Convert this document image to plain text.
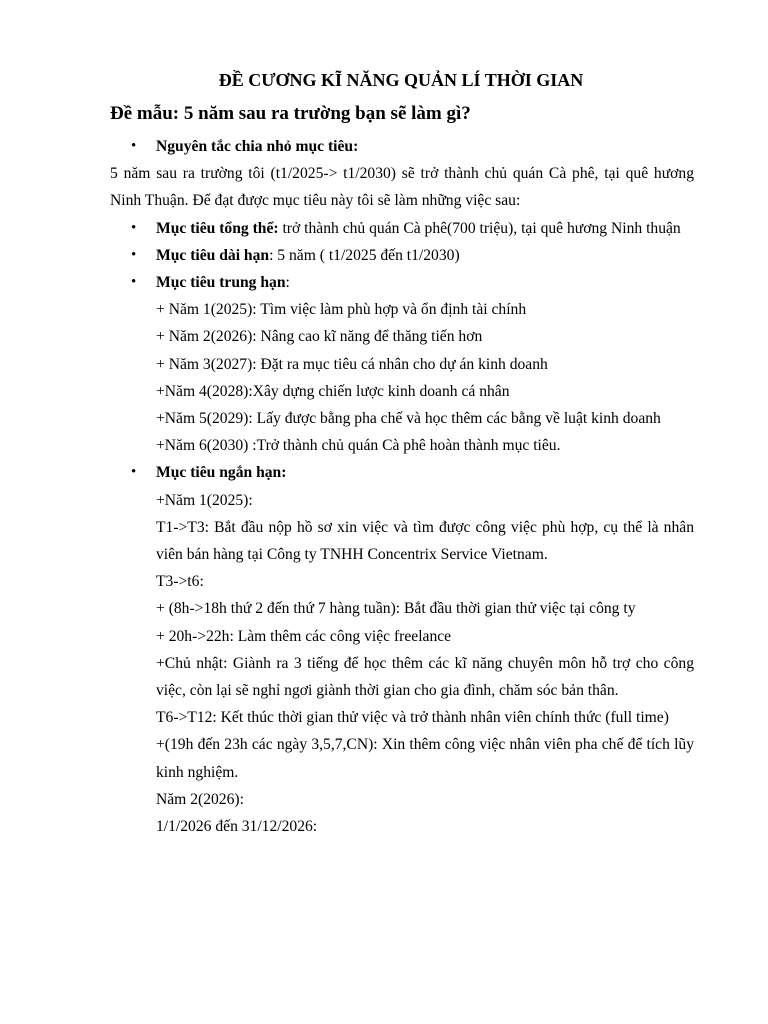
ĐỀ CƯƠNG KĨ NĂNG QUẢN LÍ THỜI GIAN
Đề mẫu: 5 năm sau ra trường bạn sẽ làm gì?

• Nguyên tắc chia nhỏ mục tiêu:

5 năm sau ra trường tôi (t1/2025-> t1/2030) sẽ trở thành chủ quán Cà phê, tại quê hương Ninh Thuận. Để đạt được mục tiêu này tôi sẽ làm những việc sau:

• Mục tiêu tổng thể: trở thành chủ quán Cà phê(700 triệu), tại quê hương Ninh thuận

• Mục tiêu dài hạn: 5 năm ( t1/2025 đến t1/2030)

• Mục tiêu trung hạn:

+ Năm 1(2025): Tìm việc làm phù hợp và ổn định tài chính

+ Năm 2(2026): Nâng cao kĩ năng để thăng tiến hơn

+ Năm 3(2027): Đặt ra mục tiêu cá nhân cho dự án kinh doanh

+Năm 4(2028):Xây dựng chiến lược kinh doanh cá nhân

+Năm 5(2029): Lấy được bằng pha chế và học thêm các bằng về luật kinh doanh

+Năm 6(2030) :Trở thành chủ quán Cà phê hoàn thành mục tiêu.

• Mục tiêu ngắn hạn:

+Năm 1(2025):

T1->T3: Bắt đầu nộp hồ sơ xin việc và tìm được công việc phù hợp, cụ thể là nhân viên bán hàng tại Công ty TNHH Concentrix Service Vietnam.

T3->t6:

+ (8h->18h thứ 2 đến thứ 7 hàng tuần): Bắt đầu thời gian thử việc tại công ty

+ 20h->22h: Làm thêm các công việc freelance

+Chủ nhật: Giành ra 3 tiếng để học thêm các kĩ năng chuyên môn hỗ trợ cho công việc, còn lại sẽ nghỉ ngơi giành thời gian cho gia đình, chăm sóc bản thân.

T6->T12: Kết thúc thời gian thử việc và trở thành nhân viên chính thức (full time)

+(19h đến 23h các ngày 3,5,7,CN): Xin thêm công việc nhân viên pha chế để tích lũy kinh nghiệm.

Năm 2(2026):

1/1/2026 đến 31/12/2026:
